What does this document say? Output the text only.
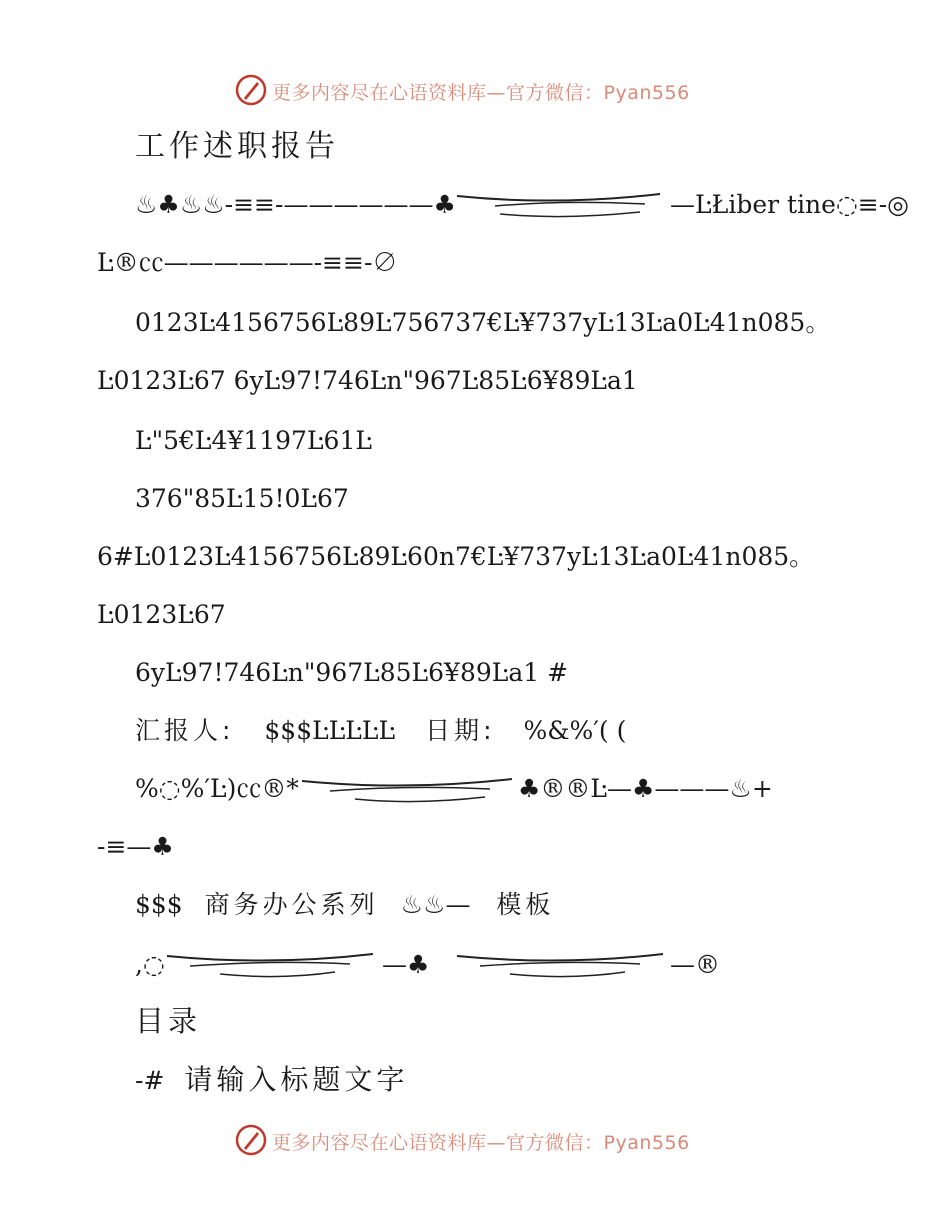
更多内容尽在心语资料库—官方微信：Pyan556
工作述职报告
♨♣♨♨-≡≡-——————♣	—ĿŁiber tine◌≡-◎
Ŀ®㏄——————-≡≡-∅
0123Ŀ4156756Ŀ89Ŀ756737€Ŀ¥737yĿ13Ŀa0Ŀ41n085。
Ŀ0123Ŀ67 6yĿ97!746Ŀn"967Ŀ85Ŀ6¥89Ŀa1
Ŀ"5€Ŀ4¥1197Ŀ61Ŀ
376"85Ŀ15!0Ŀ67
6#Ŀ0123Ŀ4156756Ŀ89Ŀ60n7€Ŀ¥737yĿ13Ŀa0Ŀ41n085。
Ŀ0123Ŀ67
6yĿ97!746Ŀn"967Ŀ85Ŀ6¥89Ŀa1 #
汇报人: $$$ĿĿĿĿĿ 日期: %&%′( (
%◌%′Ŀ)㏄®*	♣®®Ŀ—♣———♨+
-≡—♣
$$$ 商务办公系列 ♨♨— 模板
,◌	—♣	—®
目录
-# 请输入标题文字
更多内容尽在心语资料库—官方微信：Pyan556
